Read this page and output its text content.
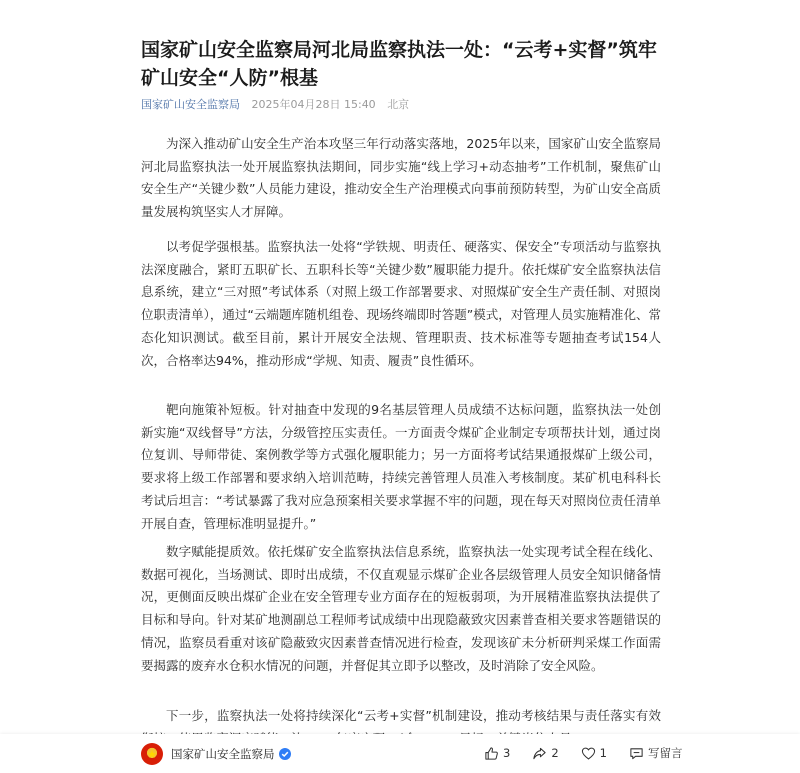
国家矿山安全监察局河北局监察执法一处：“云考+实督”筑牢矿山安全“人防”根基
国家矿山安全监察局 2025年04月28日 15:40 北京

为深入推动矿山安全生产治本攻坚三年行动落实落地，2025年以来，国家矿山安全监察局河北局监察执法一处开展监察执法期间，同步实施“线上学习+动态抽考”工作机制，聚焦矿山安全生产“关键少数”人员能力建设，推动安全生产治理模式向事前预防转型，为矿山安全高质量发展构筑坚实人才屏障。

以考促学强根基。监察执法一处将“学铁规、明责任、硬落实、保安全”专项活动与监察执法深度融合，紧盯五职矿长、五职科长等“关键少数”履职能力提升。依托煤矿安全监察执法信息系统，建立“三对照”考试体系（对照上级工作部署要求、对照煤矿安全生产责任制、对照岗位职责清单），通过“云端题库随机组卷、现场终端即时答题”模式，对管理人员实施精准化、常态化知识测试。截至目前，累计开展安全法规、管理职责、技术标准等专题抽查考试154人次，合格率达94%，推动形成“学规、知责、履责”良性循环。

靶向施策补短板。针对抽查中发现的9名基层管理人员成绩不达标问题，监察执法一处创新实施“双线督导”方法，分级管控压实责任。一方面责令煤矿企业制定专项帮扶计划，通过岗位复训、导师带徒、案例教学等方式强化履职能力；另一方面将考试结果通报煤矿上级公司，要求将上级工作部署和要求纳入培训范畴，持续完善管理人员准入考核制度。某矿机电科科长考试后坦言：“考试暴露了我对应急预案相关要求掌握不牢的问题，现在每天对照岗位责任清单开展自查，管理标准明显提升。”

数字赋能提质效。依托煤矿安全监察执法信息系统，监察执法一处实现考试全程在线化、数据可视化，当场测试、即时出成绩，不仅直观显示煤矿企业各层级管理人员安全知识储备情况，更侧面反映出煤矿企业在安全管理专业方面存在的短板弱项，为开展精准监察执法提供了目标和导向。针对某矿地测副总工程师考试成绩中出现隐蔽致灾因素普查相关要求答题错误的情况，监察员看重对该矿隐蔽致灾因素普查情况进行检查，发现该矿未分析研判采煤工作面需要揭露的废弃水仓积水情况的问题，并督促其立即予以整改，及时消除了安全风险。

下一步，监察执法一处将持续深化“云考+实督”机制建设，推动考核结果与责任落实有效

★	国家矿山安全监察局	3	2	1	写留言
